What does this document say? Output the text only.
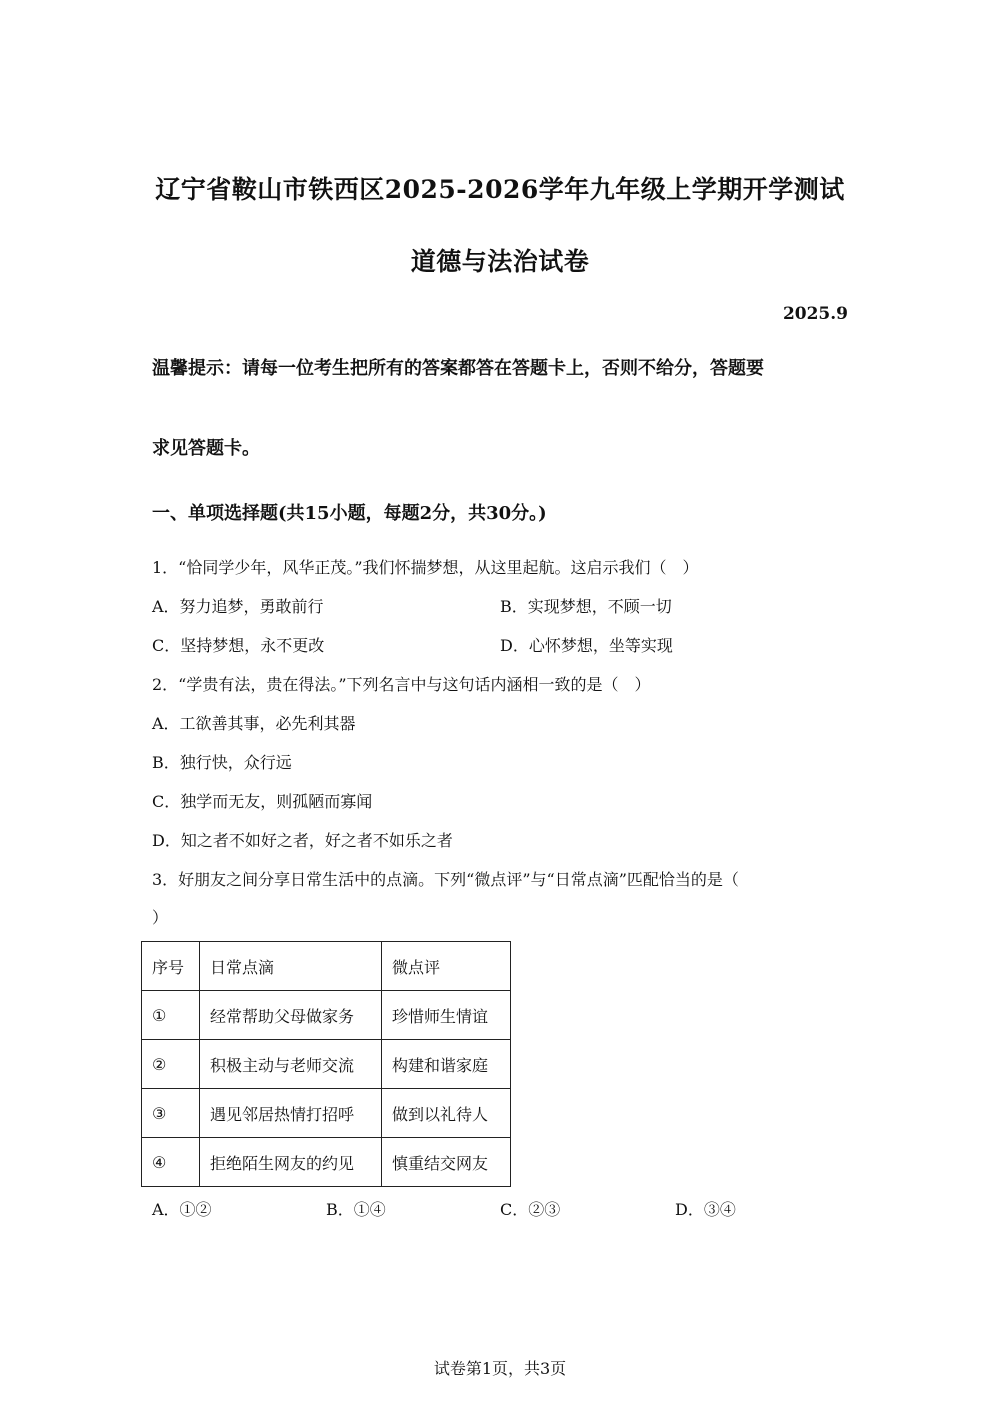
辽宁省鞍山市铁西区2025-2026学年九年级上学期开学测试
道德与法治试卷
2025.9
温馨提示：请每一位考生把所有的答案都答在答题卡上，否则不给分，答题要
求见答题卡。
一、单项选择题(共15小题，每题2分，共30分。)
1．“恰同学少年，风华正茂。”我们怀揣梦想，从这里起航。这启示我们（　）
A．努力追梦，勇敢前行	B．实现梦想，不顾一切
C．坚持梦想，永不更改	D．心怀梦想，坐等实现
2．“学贵有法，贵在得法。”下列名言中与这句话内涵相一致的是（　）
A．工欲善其事，必先利其器
B．独行快，众行远
C．独学而无友，则孤陋而寡闻
D．知之者不如好之者，好之者不如乐之者
3．好朋友之间分享日常生活中的点滴。下列“微点评”与“日常点滴”匹配恰当的是（
）
序号	日常点滴	微点评
①	经常帮助父母做家务	珍惜师生情谊
②	积极主动与老师交流	构建和谐家庭
③	遇见邻居热情打招呼	做到以礼待人
④	拒绝陌生网友的约见	慎重结交网友
A．①②	B．①④	C．②③	D．③④
试卷第1页，共3页
